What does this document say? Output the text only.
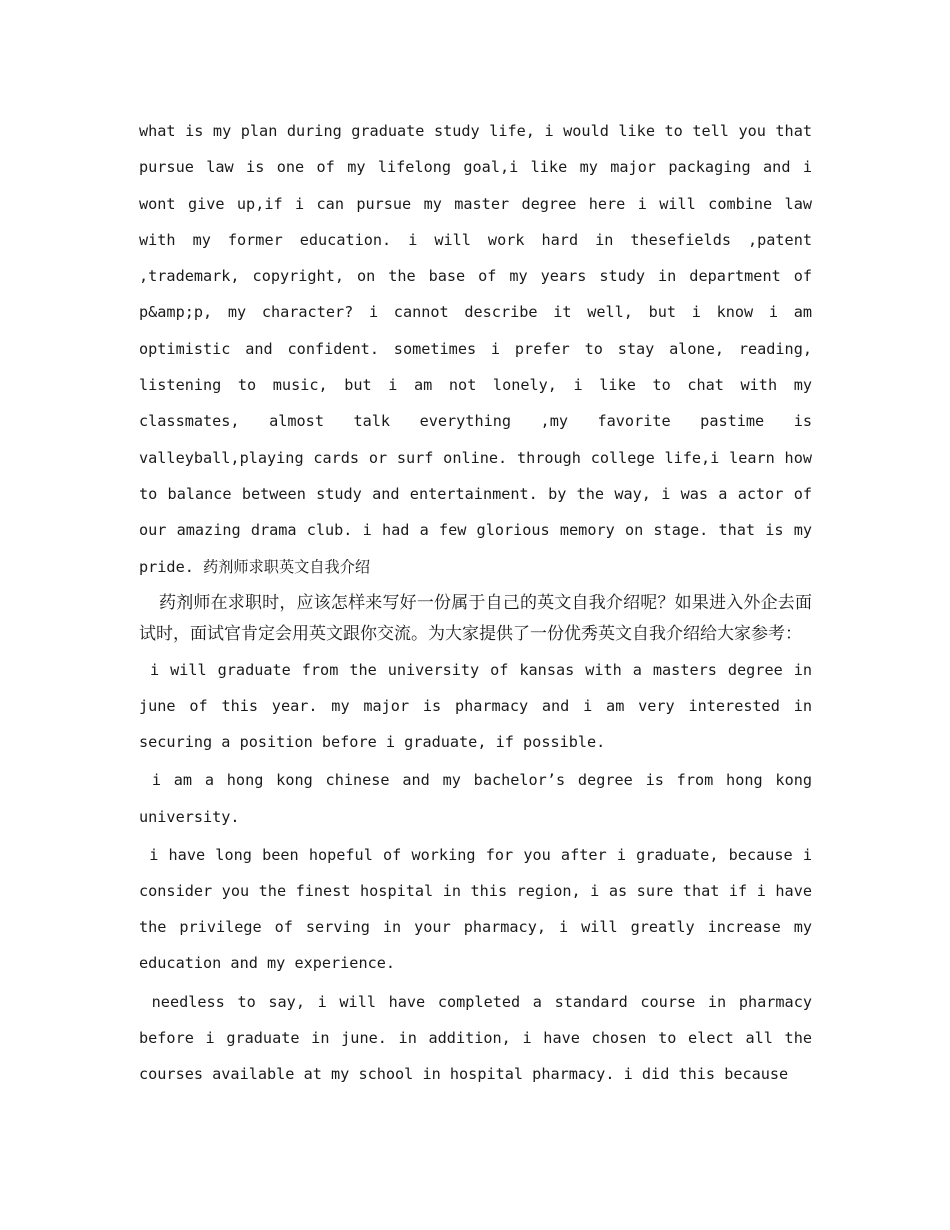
what is my plan during graduate study life, i would like to tell you that pursue law is one of my lifelong goal,i like my major packaging and i wont give up,if i can pursue my master degree here i will combine law with my former education. i will work hard in thesefields ,patent ,trademark, copyright, on the base of my years study in department of p&amp;p, my character? i cannot describe it well, but i know i am optimistic and confident. sometimes i prefer to stay alone, reading, listening to music, but i am not lonely, i like to chat with my classmates, almost talk everything ,my favorite pastime is valleyball,playing cards or surf online. through college life,i learn how to balance between study and entertainment. by the way, i was a actor of our amazing drama club. i had a few glorious memory on stage. that is my pride. 药剂师求职英文自我介绍

药剂师在求职时，应该怎样来写好一份属于自己的英文自我介绍呢？如果进入外企去面试时，面试官肯定会用英文跟你交流。为大家提供了一份优秀英文自我介绍给大家参考：

i will graduate from the university of kansas with a masters degree in june of this year. my major is pharmacy and i am very interested in securing a position before i graduate, if possible.

i am a hong kong chinese and my bachelor’s degree is from hong kong university.

i have long been hopeful of working for you after i graduate, because i consider you the finest hospital in this region, i as sure that if i have the privilege of serving in your pharmacy, i will greatly increase my education and my experience.

needless to say, i will have completed a standard course in pharmacy before i graduate in june. in addition, i have chosen to elect all the courses available at my school in hospital pharmacy. i did this because
